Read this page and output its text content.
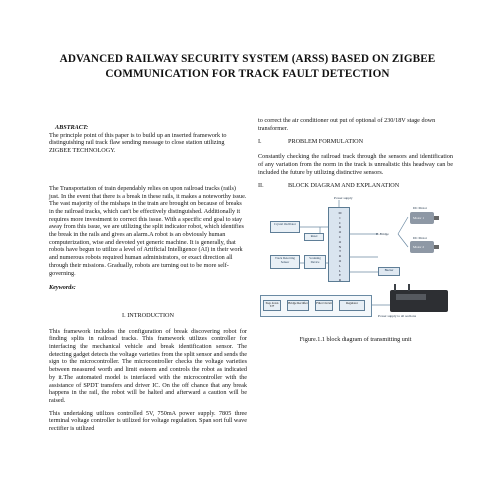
ADVANCED RAILWAY SECURITY SYSTEM (ARSS) BASED ON ZIGBEE COMMUNICATION FOR TRACK FAULT DETECTION

ABSTRACT:

The principle point of this paper is to build up an inserted framework to distinguishing rail track flaw sending message to close station utilizing ZIGBEE TECHNOLOGY.

The Transportation of train dependably relies on upon railroad tracks (rails) just. In the event that there is a break in these rails, it makes a noteworthy issue. The vast majority of the mishaps in the train are brought on because of breaks in the railroad tracks, which can't be effectively distinguished. Additionally it requires more investment to correct this issue. With a specific end goal to stay away from this issue, we are utilizing the split indicator robot, which identifies the break in the rails and gives an alarm.A robot is an obviously human computerization, wise and devoted yet generic machine. It is generally, that robots have begun to utilize a level of Artificial Intelligence (AI) in their work and numerous robots required human administrators, or exact direction all through their missions. Gradually, robots are turning out to be more self-governing.

Keywords:

I. INTRODUCTION

This framework includes the configuration of break discovering robot for finding splits in railroad tracks. This framework utilizes controller for interfacing the mechanical vehicle and break identification sensor. The detecting gadget detects the voltage varieties from the split sensor and sends the sign to the microcontroller. The microcontroller checks the voltage varieties between measured worth and limit esteem and controls the robot as indicated by it.The automated model is interfaced with the microcontroller with the assistance of SPDT transfers and driver IC. On the off chance that any break happens in the rail, the robot will be halted and afterward a caution will be raised.

This undertaking utilizes controlled 5V, 750mA power supply. 7805 three terminal voltage controller is utilized for voltage regulation. Span sort full wave rectifier is utilized

to correct the air conditioner out put of optional of 230/18V stage down transformer.

I.	PROBLEM FORMULATION

Constantly checking the railroad track through the sensors and identification of any variation from the norm in the track is unrealistic this headway can be included the future by utilizing distinctive sensors.

II.	BLOCK DIAGRAM AND EXPLANATION
Power supply
M
I
C
R
O
C
O
N
T
R
O
L
L
E
R
Crystal Oscillator
Track Detecting Sensor
Reset
Scanning Device
H-Bridge
DC Motor
DC Motor
Motor 1
Motor 2
Buzzer
Step down T/F
Bridge Rectifier	Filter Circuit	Regulator
Power supply to all sections

Figure.1.1 block diagram of transmitting unit
